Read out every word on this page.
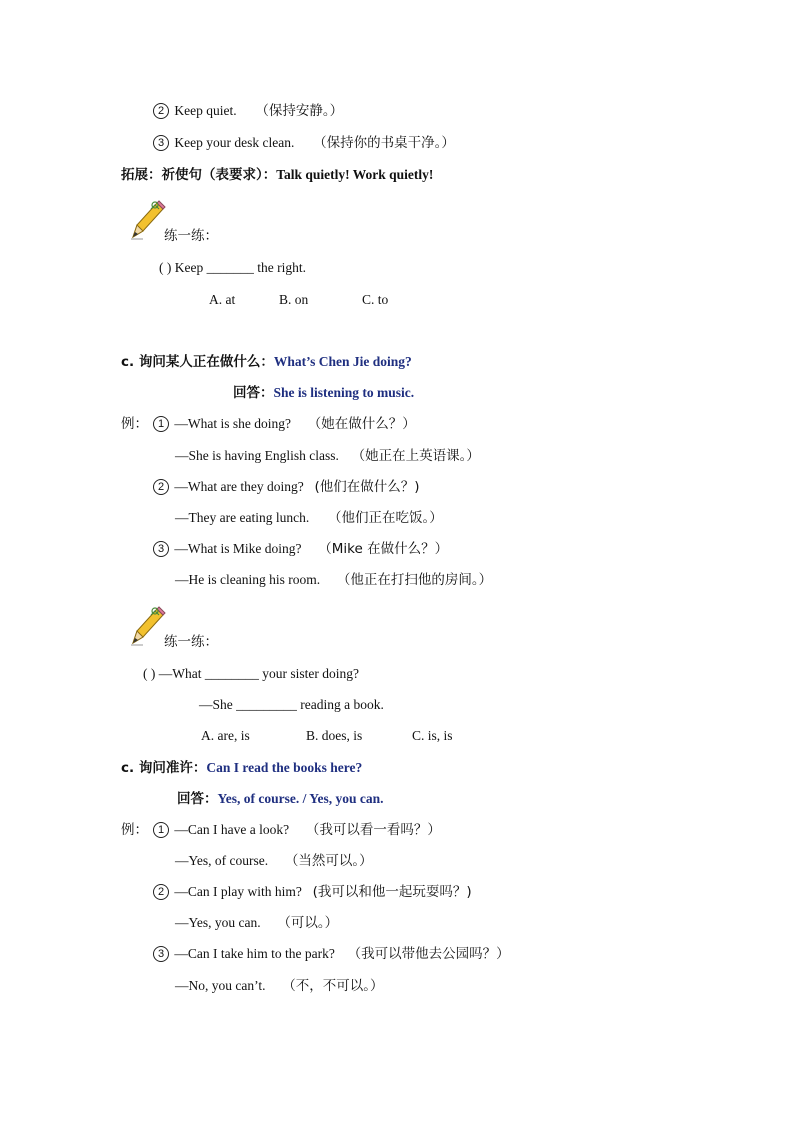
2 Keep quiet. （保持安静。）
3 Keep your desk clean. （保持你的书桌干净。）
拓展：祈使句（表要求）：Talk quietly! Work quietly!
练一练：
( ) Keep _______ the right.
A. at	B. on	C. to
c. 询问某人正在做什么：What’s Chen Jie doing?
回答：She is listening to music.
例： 1 —What is she doing? （她在做什么？）
—She is having English class. （她正在上英语课。）
2 —What are they doing? (他们在做什么？)
—They are eating lunch. （他们正在吃饭。）
3 —What is Mike doing? （Mike 在做什么？）
—He is cleaning his room. （他正在打扫他的房间。）
练一练：
( ) —What ________ your sister doing?
—She _________ reading a book.
A. are, is	B. does, is	C. is, is
c. 询问准许：Can I read the books here?
回答：Yes, of course. / Yes, you can.
例： 1 —Can I have a look? （我可以看一看吗？）
—Yes, of course. （当然可以。）
2 —Can I play with him? (我可以和他一起玩耍吗？)
—Yes, you can. （可以。）
3 —Can I take him to the park? （我可以带他去公园吗？）
—No, you can’t. （不，不可以。）
